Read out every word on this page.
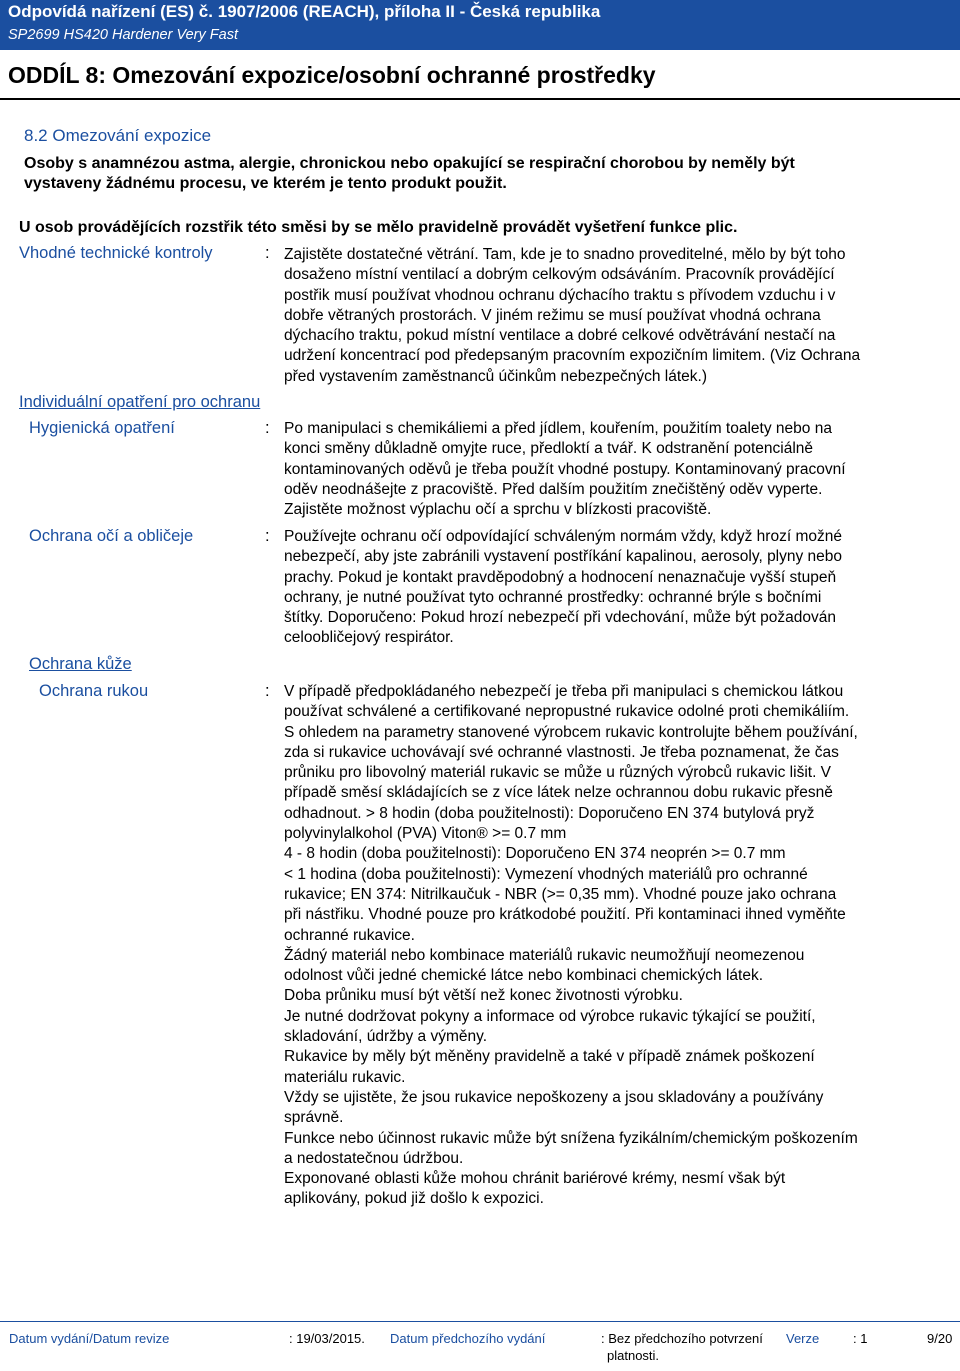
Odpovídá nařízení (ES) č. 1907/2006 (REACH), příloha II - Česká republika
SP2699 HS420 Hardener Very Fast
ODDÍL 8: Omezování expozice/osobní ochranné prostředky
8.2 Omezování expozice
Osoby s anamnézou astma, alergie, chronickou nebo opakující se respirační chorobou by neměly být
vystaveny žádnému procesu, ve kterém je tento produkt použit.
U osob provádějících rozstřik této směsi by se mělo pravidelně provádět vyšetření funkce plic.
Vhodné technické kontroly	: Zajistěte dostatečné větrání. Tam, kde je to snadno proveditelné, mělo by být toho
dosaženo místní ventilací a dobrým celkovým odsáváním. Pracovník provádějící
postřik musí používat vhodnou ochranu dýchacího traktu s přívodem vzduchu i v
dobře větraných prostorách. V jiném režimu se musí používat vhodná ochrana
dýchacího traktu, pokud místní ventilace a dobré celkové odvětrávání nestačí na
udržení koncentrací pod předepsaným pracovním expozičním limitem. (Viz Ochrana
před vystavením zaměstnanců účinkům nebezpečných látek.)
Individuální opatření pro ochranu
Hygienická opatření	: Po manipulaci s chemikáliemi a před jídlem, kouřením, použitím toalety nebo na
konci směny důkladně omyjte ruce, předloktí a tvář. K odstranění potenciálně
kontaminovaných oděvů je třeba použít vhodné postupy. Kontaminovaný pracovní
oděv neodnášejte z pracoviště. Před dalším použitím znečištěný oděv vyperte.
Zajistěte možnost výplachu očí a sprchu v blízkosti pracoviště.
Ochrana očí a obličeje	: Používejte ochranu očí odpovídající schváleným normám vždy, když hrozí možné
nebezpečí, aby jste zabránili vystavení postříkání kapalinou, aerosoly, plyny nebo
prachy. Pokud je kontakt pravděpodobný a hodnocení nenaznačuje vyšší stupeň
ochrany, je nutné používat tyto ochranné prostředky: ochranné brýle s bočními
štítky. Doporučeno: Pokud hrozí nebezpečí při vdechování, může být požadován
celoobličejový respirátor.
Ochrana kůže
Ochrana rukou	: V případě předpokládaného nebezpečí je třeba při manipulaci s chemickou látkou
používat schválené a certifikované nepropustné rukavice odolné proti chemikáliím.
S ohledem na parametry stanovené výrobcem rukavic kontrolujte během používání,
zda si rukavice uchovávají své ochranné vlastnosti. Je třeba poznamenat, že čas
průniku pro libovolný materiál rukavic se může u různých výrobců rukavic lišit. V
případě směsí skládajících se z více látek nelze ochrannou dobu rukavic přesně
odhadnout. > 8 hodin (doba použitelnosti): Doporučeno EN 374 butylová pryž
polyvinylalkohol (PVA) Viton® >= 0.7 mm
4 - 8 hodin (doba použitelnosti): Doporučeno EN 374 neoprén >= 0.7 mm
< 1 hodina (doba použitelnosti): Vymezení vhodných materiálů pro ochranné
rukavice; EN 374: Nitrilkaučuk - NBR (>= 0,35 mm). Vhodné pouze jako ochrana
při nástřiku. Vhodné pouze pro krátkodobé použití. Při kontaminaci ihned vyměňte
ochranné rukavice.
Žádný materiál nebo kombinace materiálů rukavic neumožňují neomezenou
odolnost vůči jedné chemické látce nebo kombinaci chemických látek.
Doba průniku musí být větší než konec životnosti výrobku.
Je nutné dodržovat pokyny a informace od výrobce rukavic týkající se použití,
skladování, údržby a výměny.
Rukavice by měly být měněny pravidelně a také v případě známek poškození
materiálu rukavic.
Vždy se ujistěte, že jsou rukavice nepoškozeny a jsou skladovány a používány
správně.
Funkce nebo účinnost rukavic může být snížena fyzikálním/chemickým poškozením
a nedostatečnou údržbou.
Exponované oblasti kůže mohou chránit bariérové krémy, nesmí však být
aplikovány, pokud již došlo k expozici.
Datum vydání/Datum revize	: 19/03/2015. Datum předchozího vydání	: Bez předchozího potvrzení
platnosti.
Verze	: 1	9/20
